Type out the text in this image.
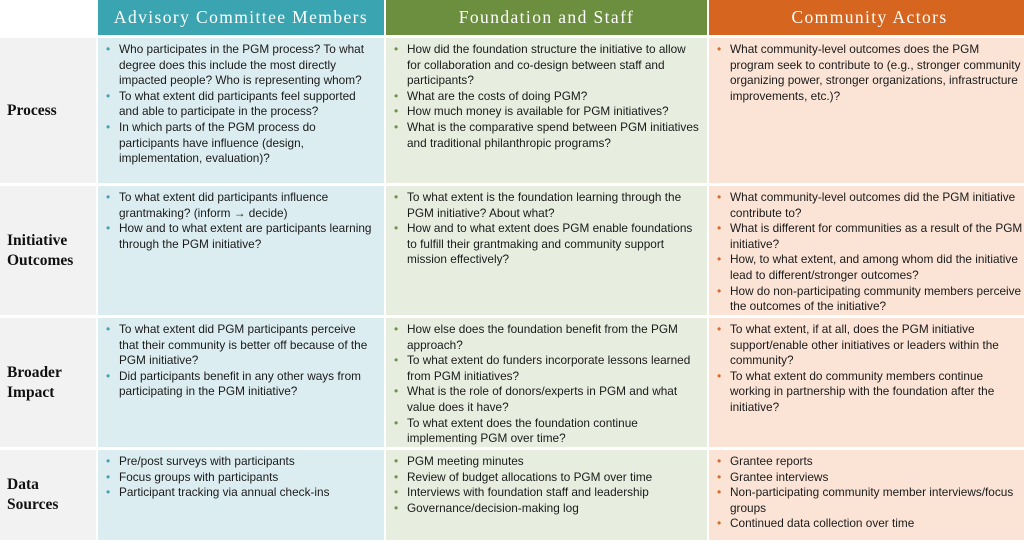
Advisory Committee Members	Foundation and Staff	Community Actors
Process
• Who participates in the PGM process? To what degree does this include the most directly impacted people? Who is representing whom?
• To what extent did participants feel supported and able to participate in the process?
• In which parts of the PGM process do participants have influence (design, implementation, evaluation)?
• How did the foundation structure the initiative to allow for collaboration and co-design between staff and participants?
• What are the costs of doing PGM?
• How much money is available for PGM initiatives?
• What is the comparative spend between PGM initiatives and traditional philanthropic programs?
• What community-level outcomes does the PGM program seek to contribute to (e.g., stronger community organizing power, stronger organizations, infrastructure improvements, etc.)?
Initiative Outcomes
• To what extent did participants influence grantmaking? (inform → decide)
• How and to what extent are participants learning through the PGM initiative?
• To what extent is the foundation learning through the PGM initiative? About what?
• How and to what extent does PGM enable foundations to fulfill their grantmaking and community support mission effectively?
• What community-level outcomes did the PGM initiative contribute to?
• What is different for communities as a result of the PGM initiative?
• How, to what extent, and among whom did the initiative lead to different/stronger outcomes?
• How do non-participating community members perceive the outcomes of the initiative?
Broader Impact
• To what extent did PGM participants perceive that their community is better off because of the PGM initiative?
• Did participants benefit in any other ways from participating in the PGM initiative?
• How else does the foundation benefit from the PGM approach?
• To what extent do funders incorporate lessons learned from PGM initiatives?
• What is the role of donors/experts in PGM and what value does it have?
• To what extent does the foundation continue implementing PGM over time?
• To what extent, if at all, does the PGM initiative support/enable other initiatives or leaders within the community?
• To what extent do community members continue working in partnership with the foundation after the initiative?
Data Sources
• Pre/post surveys with participants
• Focus groups with participants
• Participant tracking via annual check-ins
• PGM meeting minutes
• Review of budget allocations to PGM over time
• Interviews with foundation staff and leadership
• Governance/decision-making log
• Grantee reports
• Grantee interviews
• Non-participating community member interviews/focus groups
• Continued data collection over time
